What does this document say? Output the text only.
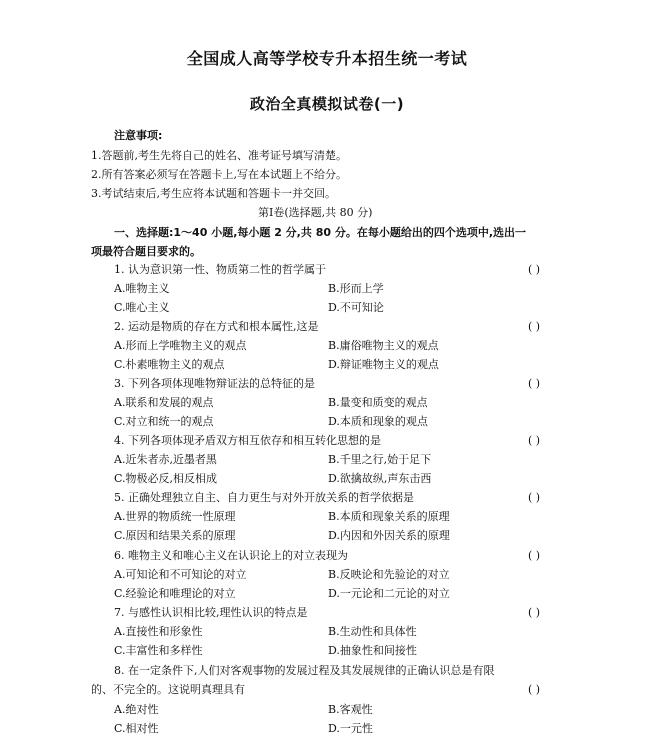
全国成人高等学校专升本招生统一考试
政治全真模拟试卷(一)
注意事项:
1.答题前,考生先将自己的姓名、准考证号填写清楚。
2.所有答案必须写在答题卡上,写在本试题上不给分。
3.考试结束后,考生应将本试题和答题卡一并交回。
第Ⅰ卷(选择题,共 80 分)
一、选择题:1～40 小题,每小题 2 分,共 80 分。在每小题给出的四个选项中,选出一
项最符合题目要求的。
1. 认为意识第一性、物质第二性的哲学属于	( )
A.唯物主义	B.形而上学
C.唯心主义	D.不可知论
2. 运动是物质的存在方式和根本属性,这是	( )
A.形而上学唯物主义的观点	B.庸俗唯物主义的观点
C.朴素唯物主义的观点	D.辩证唯物主义的观点
3. 下列各项体现唯物辩证法的总特征的是	( )
A.联系和发展的观点	B.量变和质变的观点
C.对立和统一的观点	D.本质和现象的观点
4. 下列各项体现矛盾双方相互依存和相互转化思想的是	( )
A.近朱者赤,近墨者黑	B.千里之行,始于足下
C.物极必反,相反相成	D.欲擒故纵,声东击西
5. 正确处理独立自主、自力更生与对外开放关系的哲学依据是	( )
A.世界的物质统一性原理	B.本质和现象关系的原理
C.原因和结果关系的原理	D.内因和外因关系的原理
6. 唯物主义和唯心主义在认识论上的对立表现为	( )
A.可知论和不可知论的对立	B.反映论和先验论的对立
C.经验论和唯理论的对立	D.一元论和二元论的对立
7. 与感性认识相比较,理性认识的特点是	( )
A.直接性和形象性	B.生动性和具体性
C.丰富性和多样性	D.抽象性和间接性
8. 在一定条件下,人们对客观事物的发展过程及其发展规律的正确认识总是有限
的、不完全的。这说明真理具有	( )
A.绝对性	B.客观性
C.相对性	D.一元性
